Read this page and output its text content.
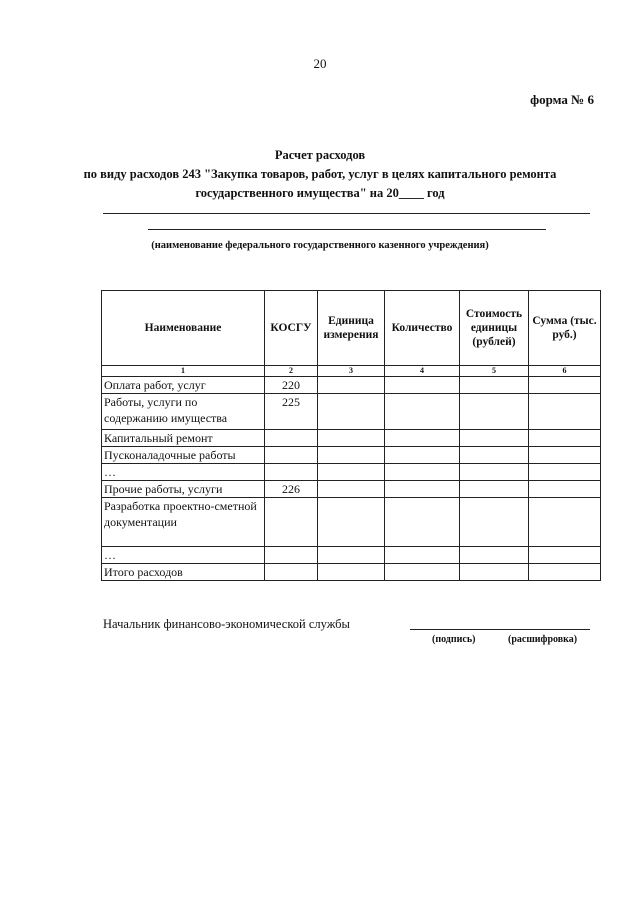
20
форма № 6
Расчет расходов
по виду расходов 243 "Закупка товаров, работ, услуг в целях капитального ремонта
государственного имущества" на 20____ год
(наименование федерального государственного казенного учреждения)
Наименование	КОСГУ	Единица измерения	Количество	Стоимость единицы (рублей)	Сумма (тыс. руб.)
1	2	3	4	5	6
Оплата работ, услуг	220				
Работы, услуги по содержанию имущества	225				
Капитальный ремонт					
Пусконаладочные работы					
…					
Прочие работы, услуги	226				
Разработка проектно-сметной документации					
…					
Итого расходов					
Начальник финансово-экономической службы
(подпись)	(расшифровка)
